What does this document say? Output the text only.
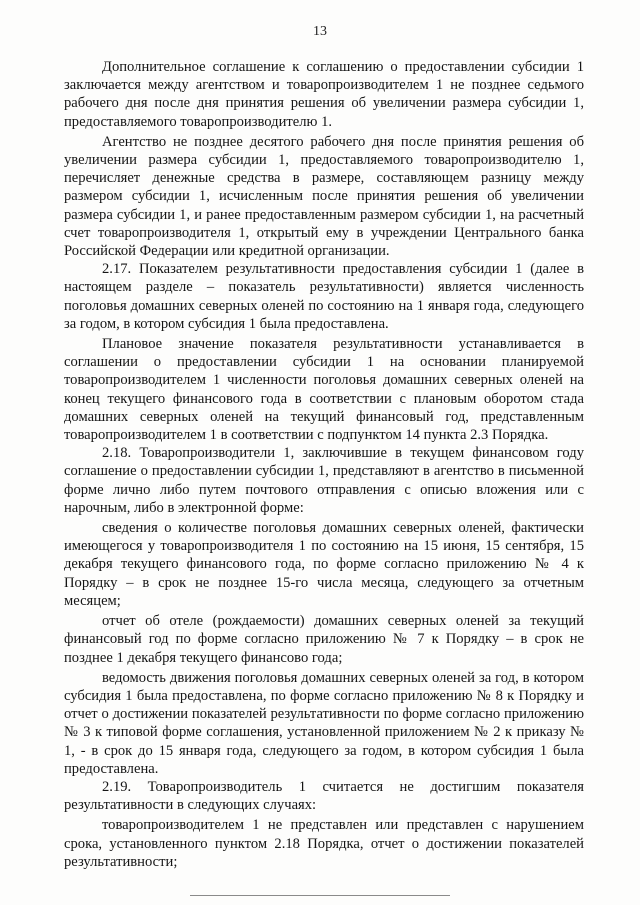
13

Дополнительное соглашение к соглашению о предоставлении субсидии 1 заключается между агентством и товаропроизводителем 1 не позднее седьмого рабочего дня после дня принятия решения об увеличении размера субсидии 1, предоставляемого товаропроизводителю 1.

Агентство не позднее десятого рабочего дня после принятия решения об увеличении размера субсидии 1, предоставляемого товаропроизводителю 1, перечисляет денежные средства в размере, составляющем разницу между размером субсидии 1, исчисленным после принятия решения об увеличении размера субсидии 1, и ранее предоставленным размером субсидии 1, на расчетный счет товаропроизводителя 1, открытый ему в учреждении Центрального банка Российской Федерации или кредитной организации.

2.17. Показателем результативности предоставления субсидии 1 (далее в настоящем разделе – показатель результативности) является численность поголовья домашних северных оленей по состоянию на 1 января года, следующего за годом, в котором субсидия 1 была предоставлена.

Плановое значение показателя результативности устанавливается в соглашении о предоставлении субсидии 1 на основании планируемой товаропроизводителем 1 численности поголовья домашних северных оленей на конец текущего финансового года в соответствии с плановым оборотом стада домашних северных оленей на текущий финансовый год, представленным товаропроизводителем 1 в соответствии с подпунктом 14 пункта 2.3 Порядка.

2.18. Товаропроизводители 1, заключившие в текущем финансовом году соглашение о предоставлении субсидии 1, представляют в агентство в письменной форме лично либо путем почтового отправления с описью вложения или с нарочным, либо в электронной форме:

сведения о количестве поголовья домашних северных оленей, фактически имеющегося у товаропроизводителя 1 по состоянию на 15 июня, 15 сентября, 15 декабря текущего финансового года, по форме согласно приложению № 4 к Порядку – в срок не позднее 15-го числа месяца, следующего за отчетным месяцем;

отчет об отеле (рождаемости) домашних северных оленей за текущий финансовый год по форме согласно приложению № 7 к Порядку – в срок не позднее 1 декабря текущего финансово года;

ведомость движения поголовья домашних северных оленей за год, в котором субсидия 1 была предоставлена, по форме согласно приложению № 8 к Порядку и отчет о достижении показателей результативности по форме согласно приложению № 3 к типовой форме соглашения, установленной приложением № 2 к приказу № 1, - в срок до 15 января года, следующего за годом, в котором субсидия 1 была предоставлена.

2.19. Товаропроизводитель 1 считается не достигшим показателя результативности в следующих случаях:

товаропроизводителем 1 не представлен или представлен с нарушением срока, установленного пунктом 2.18 Порядка, отчет о достижении показателей результативности;
